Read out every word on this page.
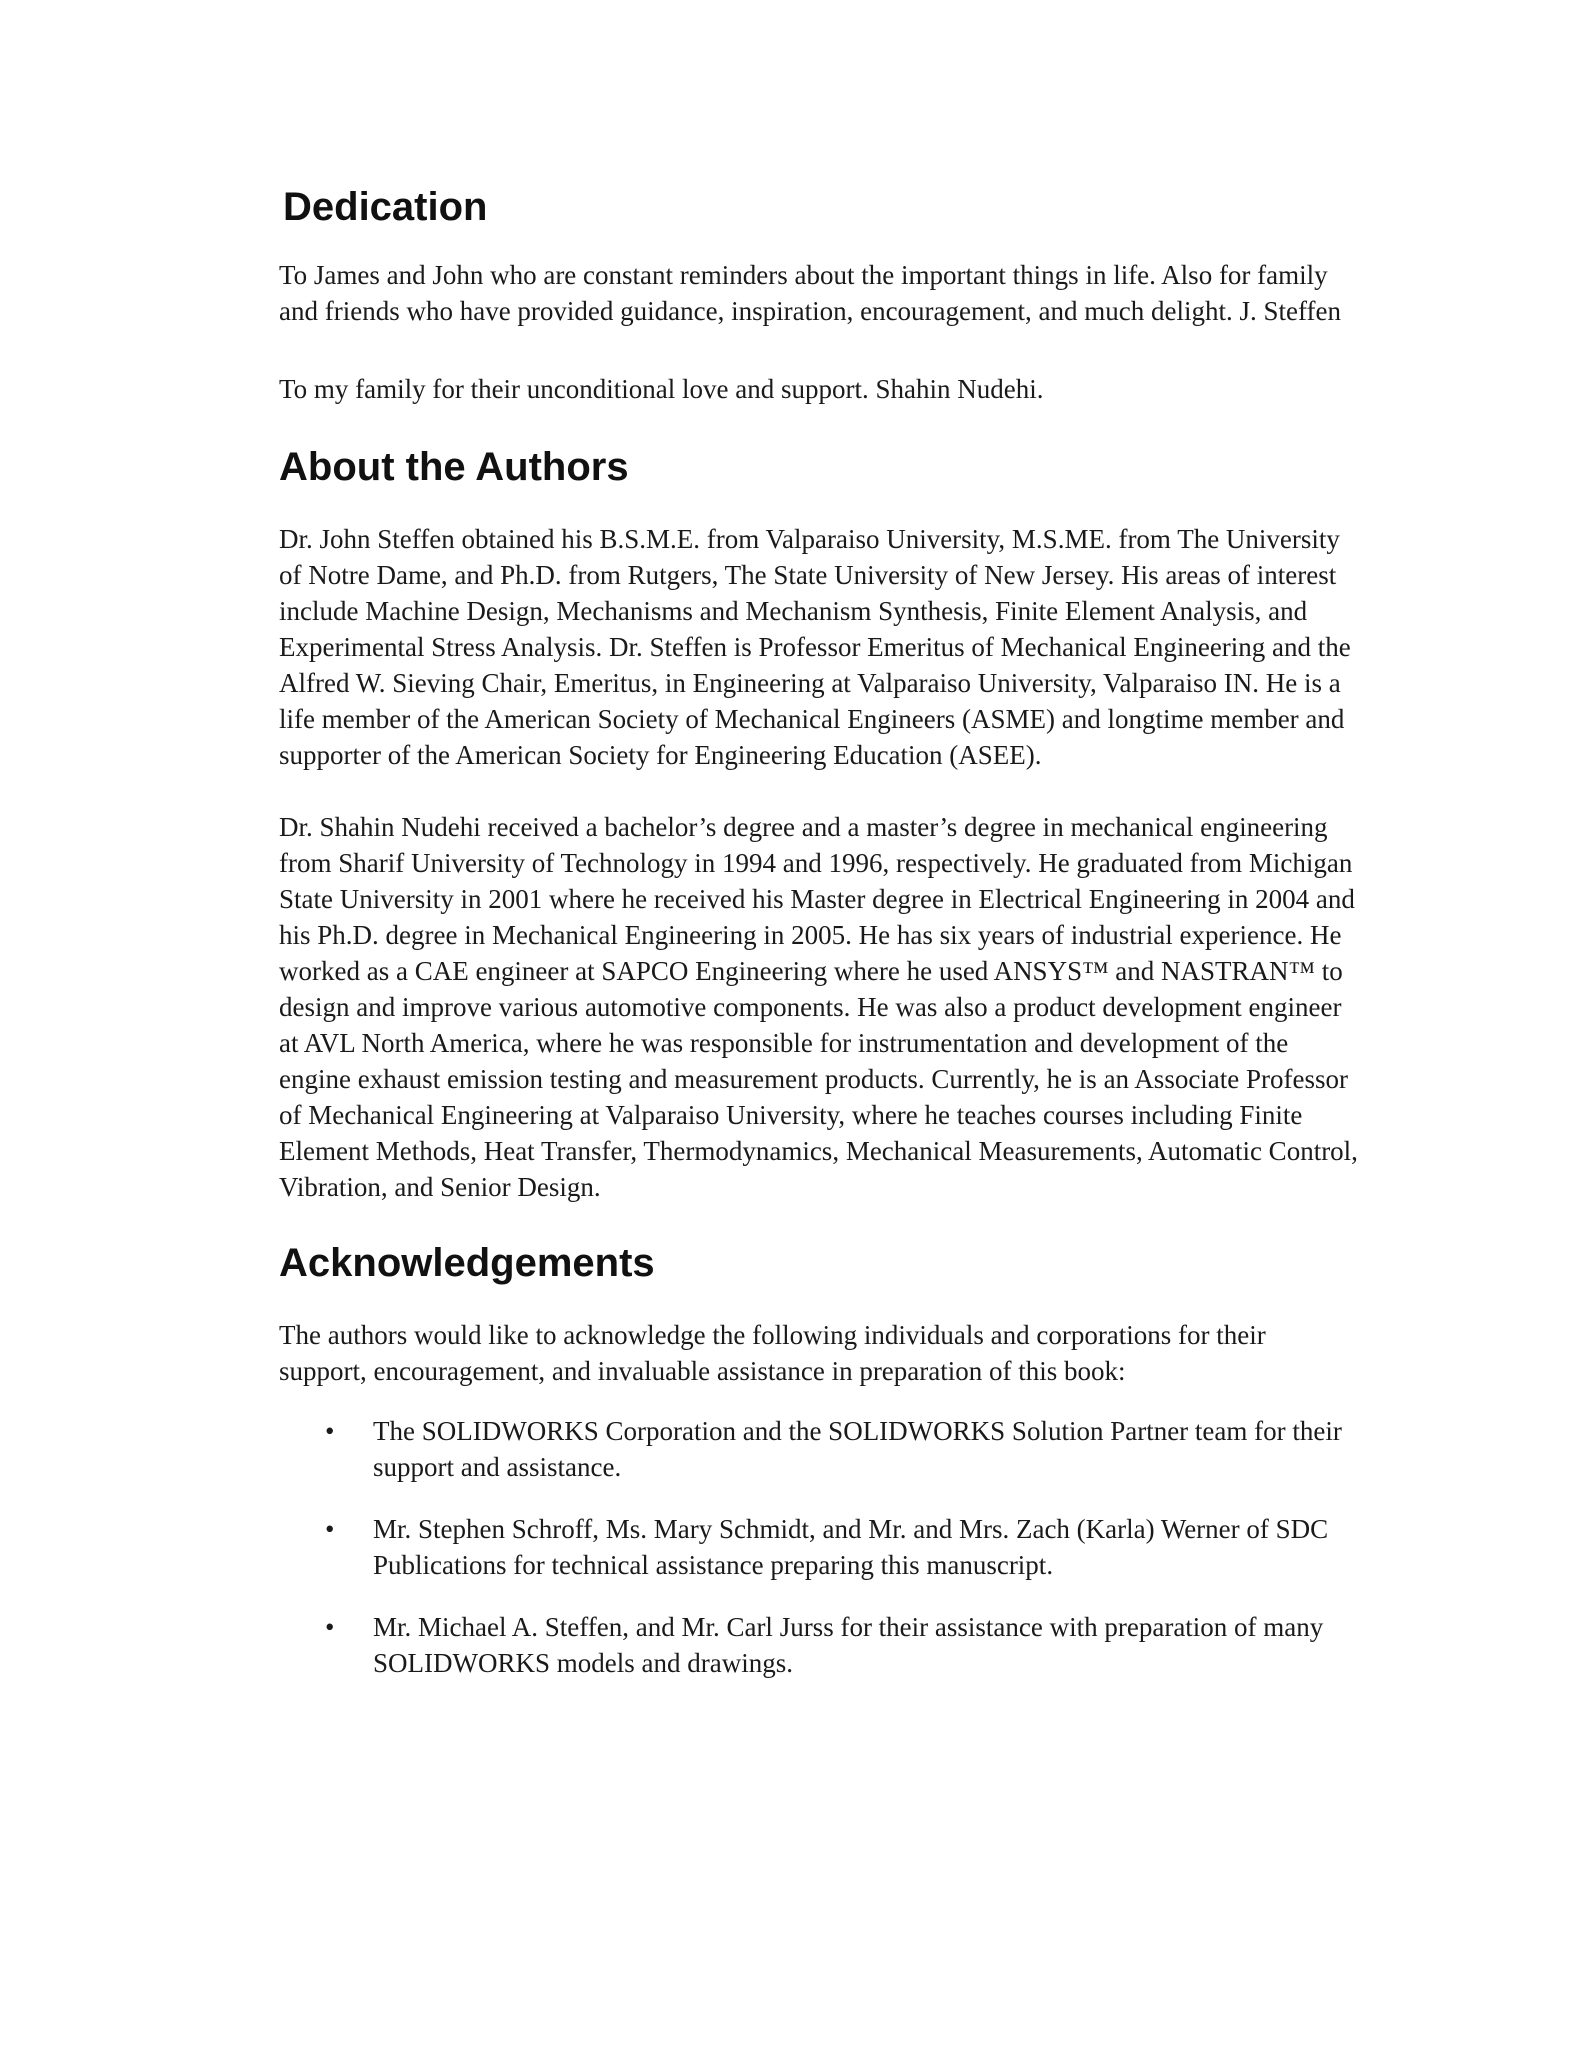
Dedication

To James and John who are constant reminders about the important things in life. Also for family and friends who have provided guidance, inspiration, encouragement, and much delight. J. Steffen

To my family for their unconditional love and support. Shahin Nudehi.

About the Authors

Dr. John Steffen obtained his B.S.M.E. from Valparaiso University, M.S.ME. from The University of Notre Dame, and Ph.D. from Rutgers, The State University of New Jersey. His areas of interest include Machine Design, Mechanisms and Mechanism Synthesis, Finite Element Analysis, and Experimental Stress Analysis. Dr. Steffen is Professor Emeritus of Mechanical Engineering and the Alfred W. Sieving Chair, Emeritus, in Engineering at Valparaiso University, Valparaiso IN. He is a life member of the American Society of Mechanical Engineers (ASME) and longtime member and supporter of the American Society for Engineering Education (ASEE).

Dr. Shahin Nudehi received a bachelor’s degree and a master’s degree in mechanical engineering from Sharif University of Technology in 1994 and 1996, respectively. He graduated from Michigan State University in 2001 where he received his Master degree in Electrical Engineering in 2004 and his Ph.D. degree in Mechanical Engineering in 2005. He has six years of industrial experience. He worked as a CAE engineer at SAPCO Engineering where he used ANSYS™ and NASTRAN™ to design and improve various automotive components. He was also a product development engineer at AVL North America, where he was responsible for instrumentation and development of the engine exhaust emission testing and measurement products. Currently, he is an Associate Professor of Mechanical Engineering at Valparaiso University, where he teaches courses including Finite Element Methods, Heat Transfer, Thermodynamics, Mechanical Measurements, Automatic Control, Vibration, and Senior Design.

Acknowledgements

The authors would like to acknowledge the following individuals and corporations for their support, encouragement, and invaluable assistance in preparation of this book:

• The SOLIDWORKS Corporation and the SOLIDWORKS Solution Partner team for their support and assistance.
• Mr. Stephen Schroff, Ms. Mary Schmidt, and Mr. and Mrs. Zach (Karla) Werner of SDC Publications for technical assistance preparing this manuscript.
• Mr. Michael A. Steffen, and Mr. Carl Jurss for their assistance with preparation of many SOLIDWORKS models and drawings.
